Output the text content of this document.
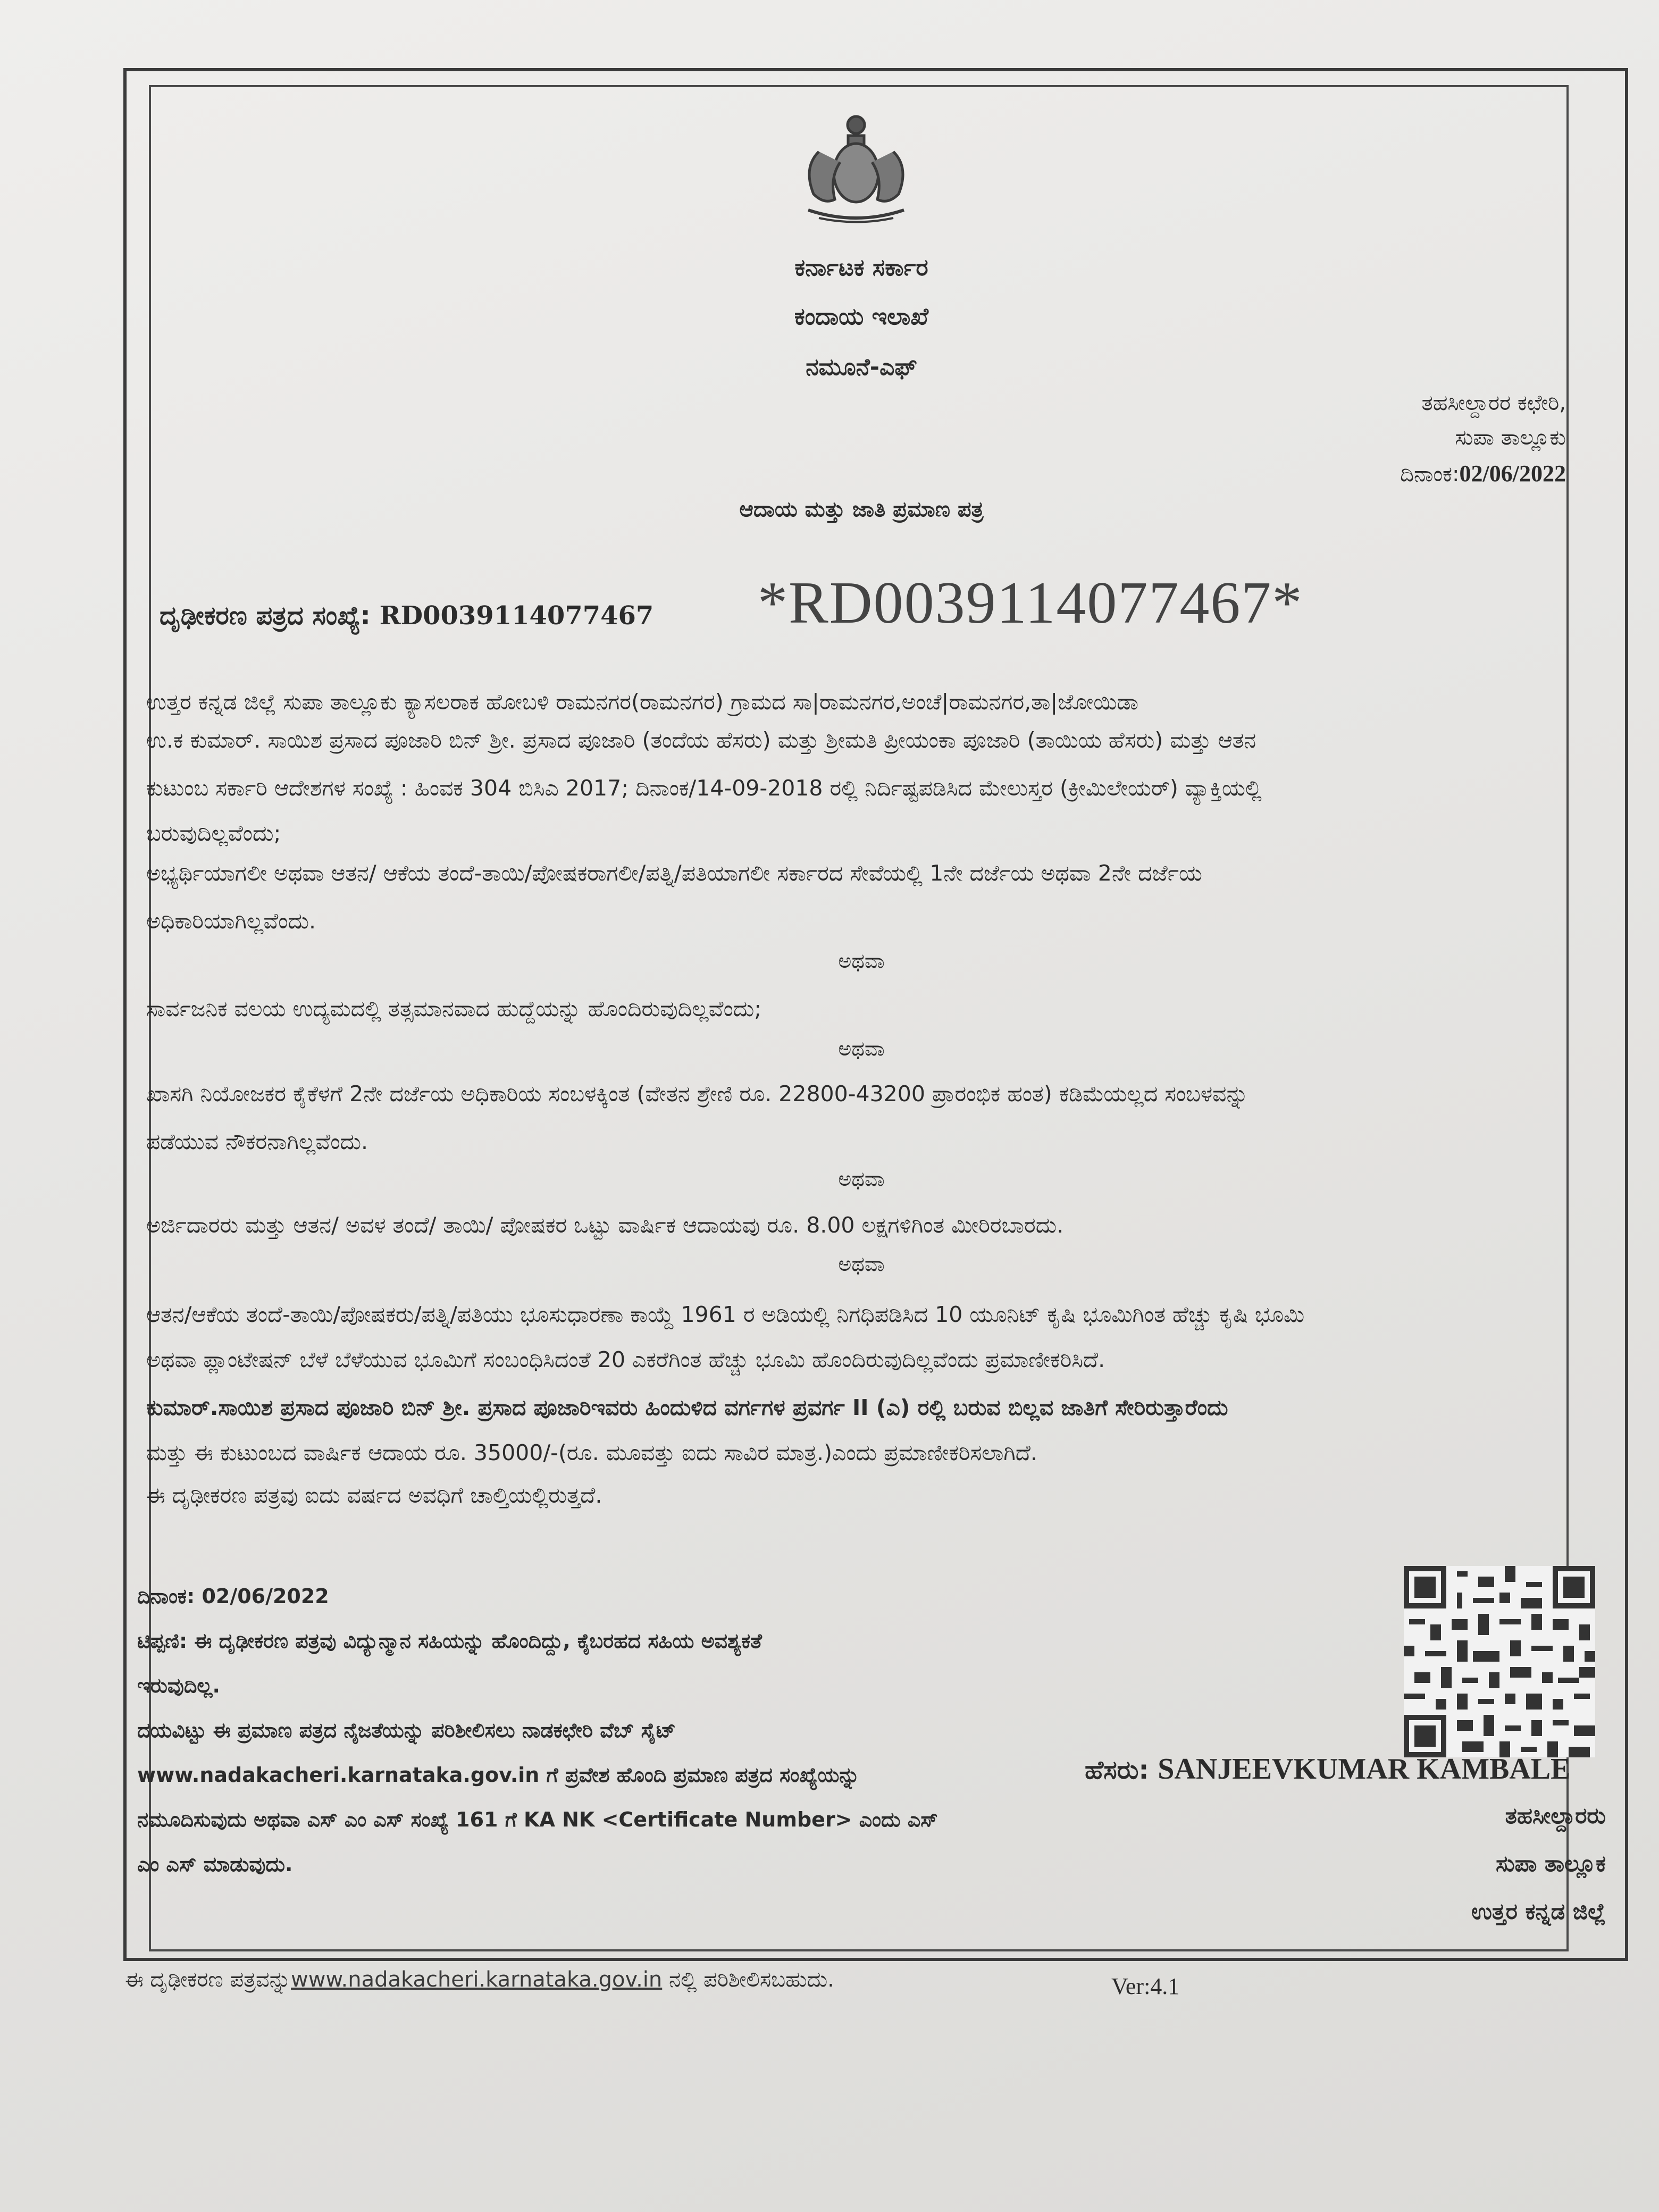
ಕರ್ನಾಟಕ ಸರ್ಕಾರ
ಕಂದಾಯ ಇಲಾಖೆ
ನಮೂನೆ-ಎಫ್
ತಹಸೀಲ್ದಾರರ ಕಛೇರಿ,
ಸುಪಾ ತಾಲ್ಲೂಕು
ದಿನಾಂಕ:02/06/2022
ಆದಾಯ ಮತ್ತು ಜಾತಿ ಪ್ರಮಾಣ ಪತ್ರ
ದೃಢೀಕರಣ ಪತ್ರದ ಸಂಖ್ಯೆ: RD0039114077467 *RD0039114077467*
ಉತ್ತರ ಕನ್ನಡ ಜಿಲ್ಲೆ ಸುಪಾ ತಾಲ್ಲೂಕು ಕ್ಯಾಸಲರಾಕ ಹೋಬಳಿ ರಾಮನಗರ(ರಾಮನಗರ) ಗ್ರಾಮದ ಸಾ|ರಾಮನಗರ,ಅಂಚೆ|ರಾಮನಗರ,ತಾ|ಜೋಯಿಡಾ
ಉ.ಕ ಕುಮಾರ್. ಸಾಯಿಶ ಪ್ರಸಾದ ಪೂಜಾರಿ ಬಿನ್ ಶ್ರೀ. ಪ್ರಸಾದ ಪೂಜಾರಿ (ತಂದೆಯ ಹೆಸರು) ಮತ್ತು ಶ್ರೀಮತಿ ಪ್ರೀಯಂಕಾ ಪೂಜಾರಿ (ತಾಯಿಯ ಹೆಸರು) ಮತ್ತು ಆತನ
ಕುಟುಂಬ ಸರ್ಕಾರಿ ಆದೇಶಗಳ ಸಂಖ್ಯೆ : ಹಿಂವಕ 304 ಬಿಸಿಎ 2017; ದಿನಾಂಕ/14-09-2018 ರಲ್ಲಿ ನಿರ್ದಿಷ್ಟಪಡಿಸಿದ ಮೇಲುಸ್ತರ (ಕ್ರೀಮಿಲೇಯರ್) ವ್ಯಾಕ್ತಿಯಲ್ಲಿ
ಬರುವುದಿಲ್ಲವೆಂದು;
ಅಭ್ಯರ್ಥಿಯಾಗಲೀ ಅಥವಾ ಆತನ/ ಆಕೆಯ ತಂದೆ-ತಾಯಿ/ಪೋಷಕರಾಗಲೀ/ಪತ್ನಿ/ಪತಿಯಾಗಲೀ ಸರ್ಕಾರದ ಸೇವೆಯಲ್ಲಿ 1ನೇ ದರ್ಜೆಯ ಅಥವಾ 2ನೇ ದರ್ಜೆಯ
ಅಧಿಕಾರಿಯಾಗಿಲ್ಲವೆಂದು.
ಅಥವಾ
ಸಾರ್ವಜನಿಕ ವಲಯ ಉದ್ಯಮದಲ್ಲಿ ತತ್ಸಮಾನವಾದ ಹುದ್ದೆಯನ್ನು ಹೊಂದಿರುವುದಿಲ್ಲವೆಂದು;
ಅಥವಾ
ಖಾಸಗಿ ನಿಯೋಜಕರ ಕೈಕೆಳಗೆ 2ನೇ ದರ್ಜೆಯ ಅಧಿಕಾರಿಯ ಸಂಬಳಕ್ಕಿಂತ (ವೇತನ ಶ್ರೇಣಿ ರೂ. 22800-43200 ಪ್ರಾರಂಭಿಕ ಹಂತ) ಕಡಿಮೆಯಲ್ಲದ ಸಂಬಳವನ್ನು
ಪಡೆಯುವ ನೌಕರನಾಗಿಲ್ಲವೆಂದು.
ಅಥವಾ
ಅರ್ಜಿದಾರರು ಮತ್ತು ಆತನ/ ಅವಳ ತಂದೆ/ ತಾಯಿ/ ಪೋಷಕರ ಒಟ್ಟು ವಾರ್ಷಿಕ ಆದಾಯವು ರೂ. 8.00 ಲಕ್ಷಗಳಿಗಿಂತ ಮೀರಿರಬಾರದು.
ಅಥವಾ
ಆತನ/ಆಕೆಯ ತಂದೆ-ತಾಯಿ/ಪೋಷಕರು/ಪತ್ನಿ/ಪತಿಯು ಭೂಸುಧಾರಣಾ ಕಾಯ್ದೆ 1961 ರ ಅಡಿಯಲ್ಲಿ ನಿಗಧಿಪಡಿಸಿದ 10 ಯೂನಿಟ್ ಕೃಷಿ ಭೂಮಿಗಿಂತ ಹೆಚ್ಚು ಕೃಷಿ ಭೂಮಿ
ಅಥವಾ ಪ್ಲಾಂಟೇಷನ್ ಬೆಳೆ ಬೆಳೆಯುವ ಭೂಮಿಗೆ ಸಂಬಂಧಿಸಿದಂತೆ 20 ಎಕರೆಗಿಂತ ಹೆಚ್ಚು ಭೂಮಿ ಹೊಂದಿರುವುದಿಲ್ಲವೆಂದು ಪ್ರಮಾಣೀಕರಿಸಿದೆ.
ಕುಮಾರ್.ಸಾಯಿಶ ಪ್ರಸಾದ ಪೂಜಾರಿ ಬಿನ್ ಶ್ರೀ. ಪ್ರಸಾದ ಪೂಜಾರಿಇವರು ಹಿಂದುಳಿದ ವರ್ಗಗಳ ಪ್ರವರ್ಗ II (ಎ) ರಲ್ಲಿ ಬರುವ ಬಿಲ್ಲವ ಜಾತಿಗೆ ಸೇರಿರುತ್ತಾರೆಂದು
ಮತ್ತು ಈ ಕುಟುಂಬದ ವಾರ್ಷಿಕ ಆದಾಯ ರೂ. 35000/-(ರೂ. ಮೂವತ್ತು ಐದು ಸಾವಿರ ಮಾತ್ರ.)ಎಂದು ಪ್ರಮಾಣೀಕರಿಸಲಾಗಿದೆ.
ಈ ದೃಢೀಕರಣ ಪತ್ರವು ಐದು ವರ್ಷದ ಅವಧಿಗೆ ಚಾಲ್ತಿಯಲ್ಲಿರುತ್ತದೆ.

ದಿನಾಂಕ: 02/06/2022

ಟಿಪ್ಪಣಿ: ಈ ದೃಢೀಕರಣ ಪತ್ರವು ವಿದ್ಯುನ್ಮಾನ ಸಹಿಯನ್ನು ಹೊಂದಿದ್ದು, ಕೈಬರಹದ ಸಹಿಯ ಅವಶ್ಯಕತೆ

ಇರುವುದಿಲ್ಲ.

ದಯವಿಟ್ಟು ಈ ಪ್ರಮಾಣ ಪತ್ರದ ನೈಜತೆಯನ್ನು ಪರಿಶೀಲಿಸಲು ನಾಡಕಛೇರಿ ವೆಬ್ ಸೈಟ್

www.nadakacheri.karnataka.gov.in ಗೆ ಪ್ರವೇಶ ಹೊಂದಿ ಪ್ರಮಾಣ ಪತ್ರದ ಸಂಖ್ಯೆಯನ್ನು

ನಮೂದಿಸುವುದು ಅಥವಾ ಎಸ್ ಎಂ ಎಸ್ ಸಂಖ್ಯೆ 161 ಗೆ KA NK <Certificate Number> ಎಂದು ಎಸ್

ಎಂ ಎಸ್ ಮಾಡುವುದು.

ಹೆಸರು: SANJEEVKUMAR KAMBALE
ತಹಸೀಲ್ದಾರರು
ಸುಪಾ ತಾಲ್ಲೂಕ
ಉತ್ತರ ಕನ್ನಡ ಜಿಲ್ಲೆ
ಈ ದೃಢೀಕರಣ ಪತ್ರವನ್ನುwww.nadakacheri.karnataka.gov.in ನಲ್ಲಿ ಪರಿಶೀಲಿಸಬಹುದು.	Ver:4.1
